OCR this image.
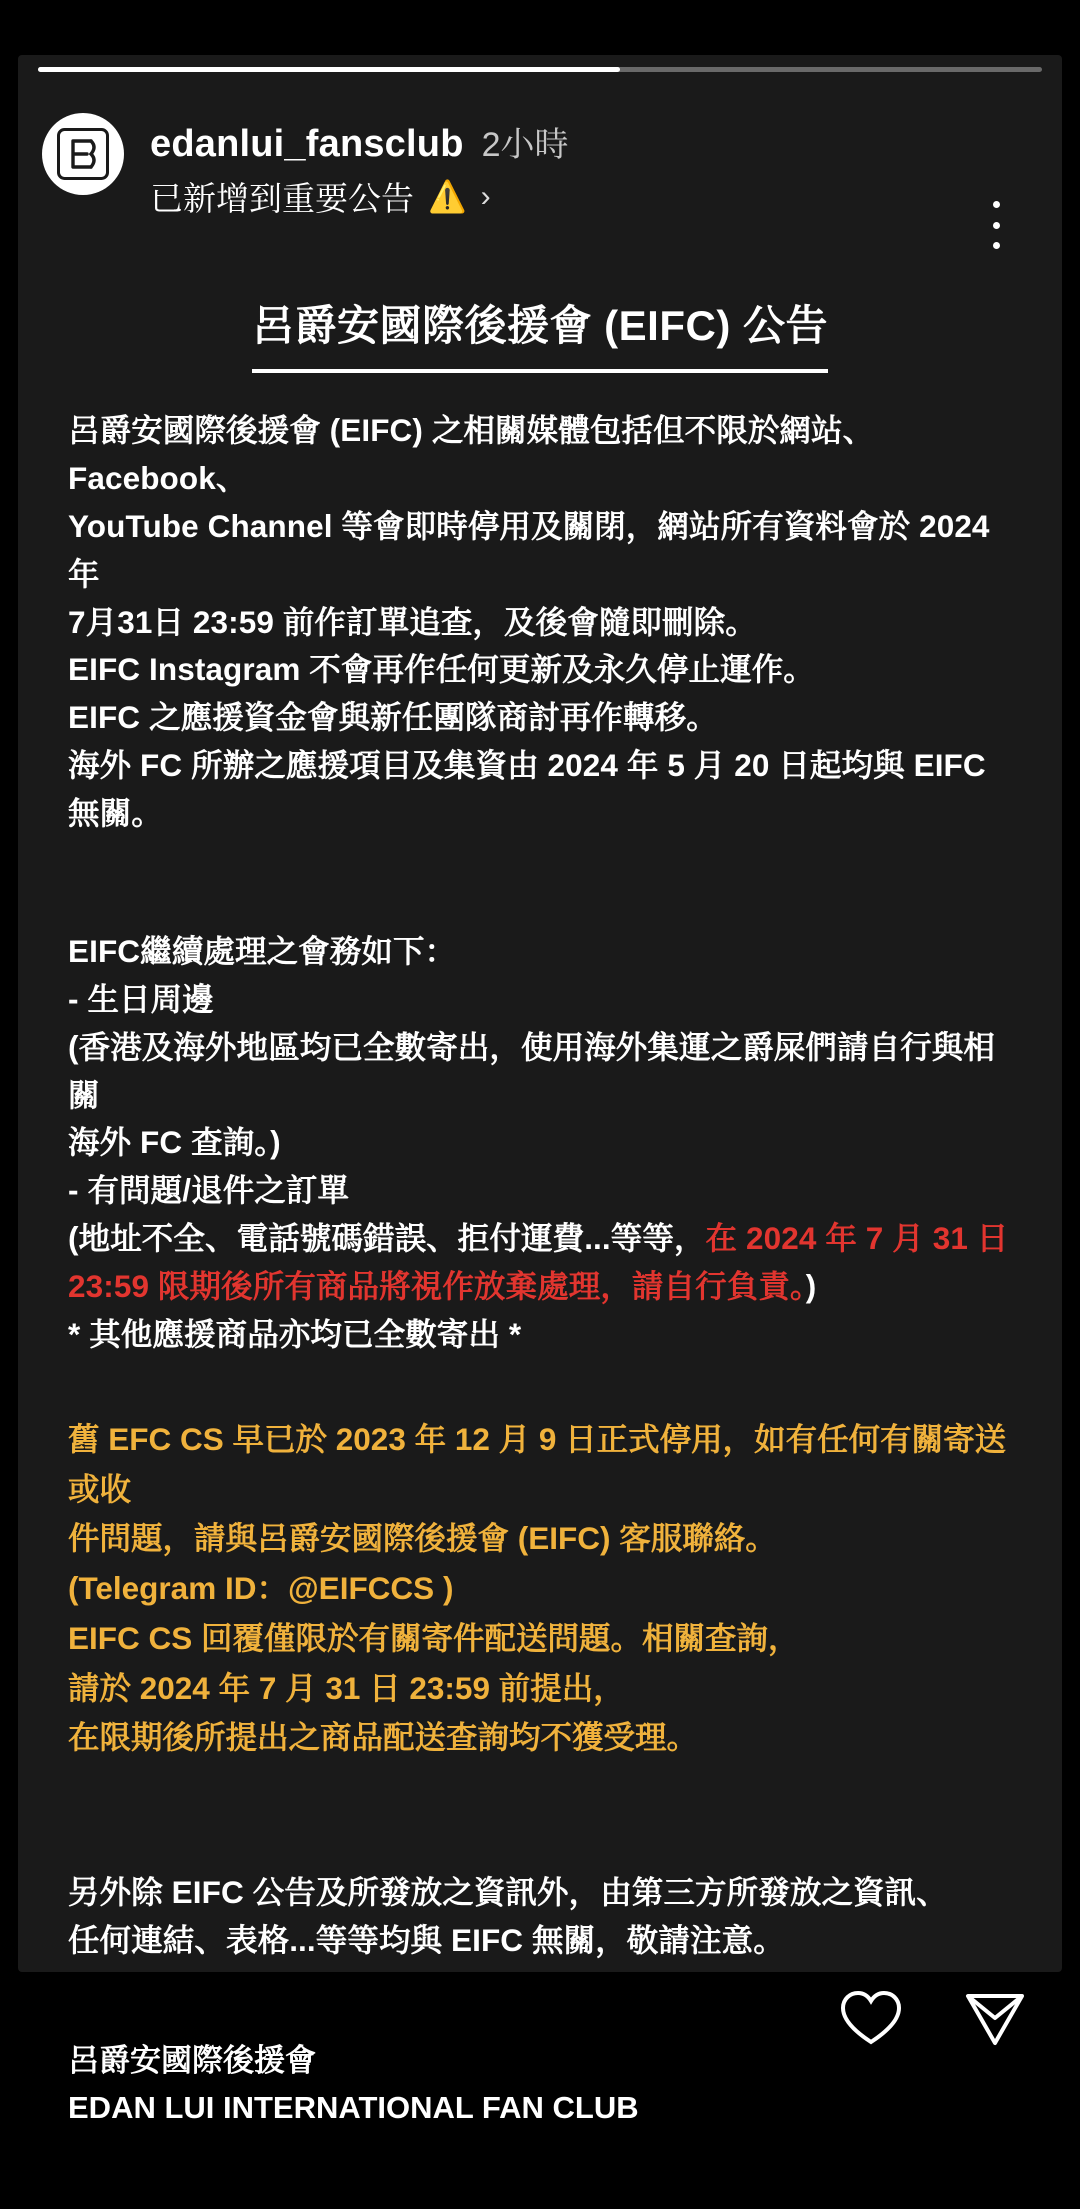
edanlui_fansclub 2小時
已新增到重要公告 ⚠️ ›
呂爵安國際後援會 (EIFC) 公告
呂爵安國際後援會 (EIFC) 之相關媒體包括但不限於網站、Facebook、
YouTube Channel 等會即時停用及關閉，網站所有資料會於 2024 年
7月31日 23:59 前作訂單追查，及後會隨即刪除。
EIFC Instagram 不會再作任何更新及永久停止運作。
EIFC 之應援資金會與新任團隊商討再作轉移。
海外 FC 所辦之應援項目及集資由 2024 年 5 月 20 日起均與 EIFC 無關。
EIFC繼續處理之會務如下：
- 生日周邊
(香港及海外地區均已全數寄出，使用海外集運之爵屎們請自行與相關
海外 FC 查詢。)
- 有問題/退件之訂單
(地址不全、電話號碼錯誤、拒付運費...等等，在 2024 年 7 月 31 日
23:59 限期後所有商品將視作放棄處理，請自行負責。)
* 其他應援商品亦均已全數寄出 *
舊 EFC CS 早已於 2023 年 12 月 9 日正式停用，如有任何有關寄送或收
件問題，請與呂爵安國際後援會 (EIFC) 客服聯絡。
(Telegram ID：@EIFCCS )
EIFC CS 回覆僅限於有關寄件配送問題。相關查詢，
請於 2024 年 7 月 31 日 23:59 前提出，
在限期後所提出之商品配送查詢均不獲受理。
另外除 EIFC 公告及所發放之資訊外，由第三方所發放之資訊、
任何連結、表格...等等均與 EIFC 無關，敬請注意。
呂爵安國際後援會
EDAN LUI INTERNATIONAL FAN CLUB
